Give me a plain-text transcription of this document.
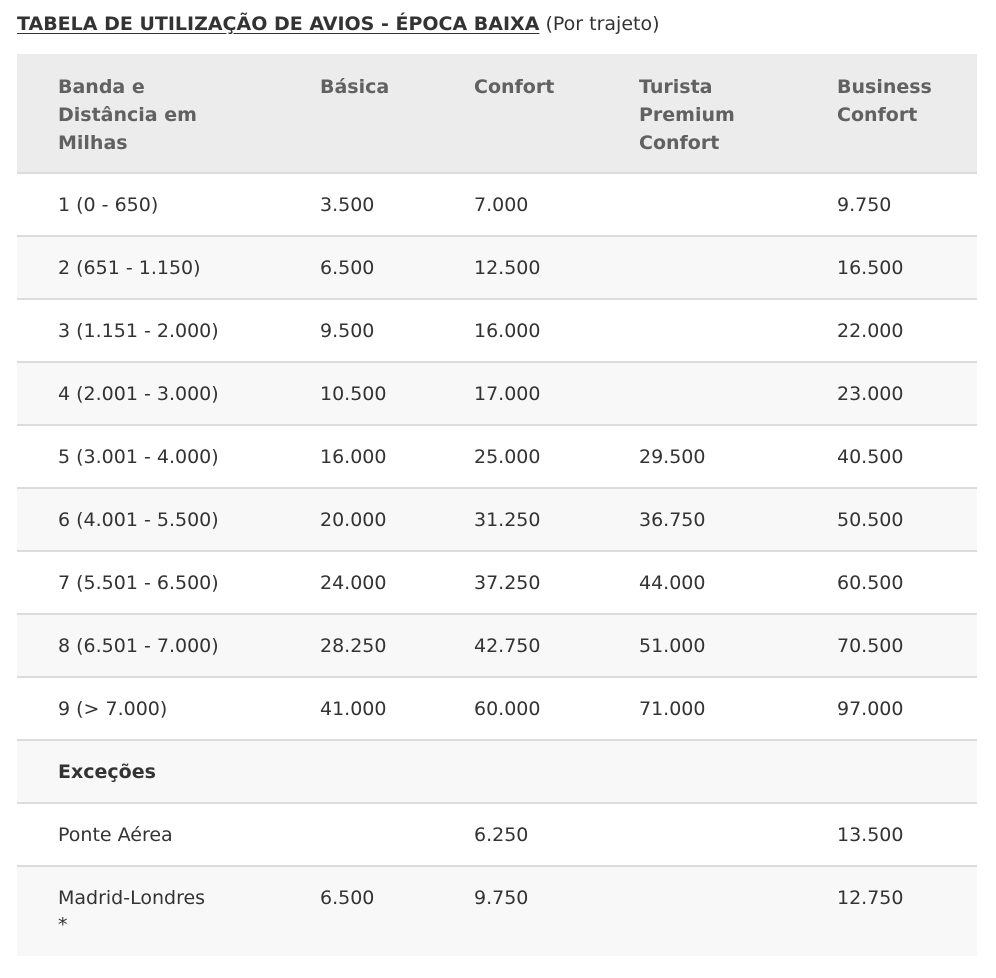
TABELA DE UTILIZAÇÃO DE AVIOS - ÉPOCA BAIXA (Por trajeto)
Banda e Distância em Milhas	Básica	Confort	Turista Premium Confort	Business Confort
1 (0 - 650)	3.500	7.000		9.750
2 (651 - 1.150)	6.500	12.500		16.500
3 (1.151 - 2.000)	9.500	16.000		22.000
4 (2.001 - 3.000)	10.500	17.000		23.000
5 (3.001 - 4.000)	16.000	25.000	29.500	40.500
6 (4.001 - 5.500)	20.000	31.250	36.750	50.500
7 (5.501 - 6.500)	24.000	37.250	44.000	60.500
8 (6.501 - 7.000)	28.250	42.750	51.000	70.500
9 (> 7.000)	41.000	60.000	71.000	97.000
Exceções				
Ponte Aérea		6.250		13.500
Madrid-Londres *	6.500	9.750		12.750
